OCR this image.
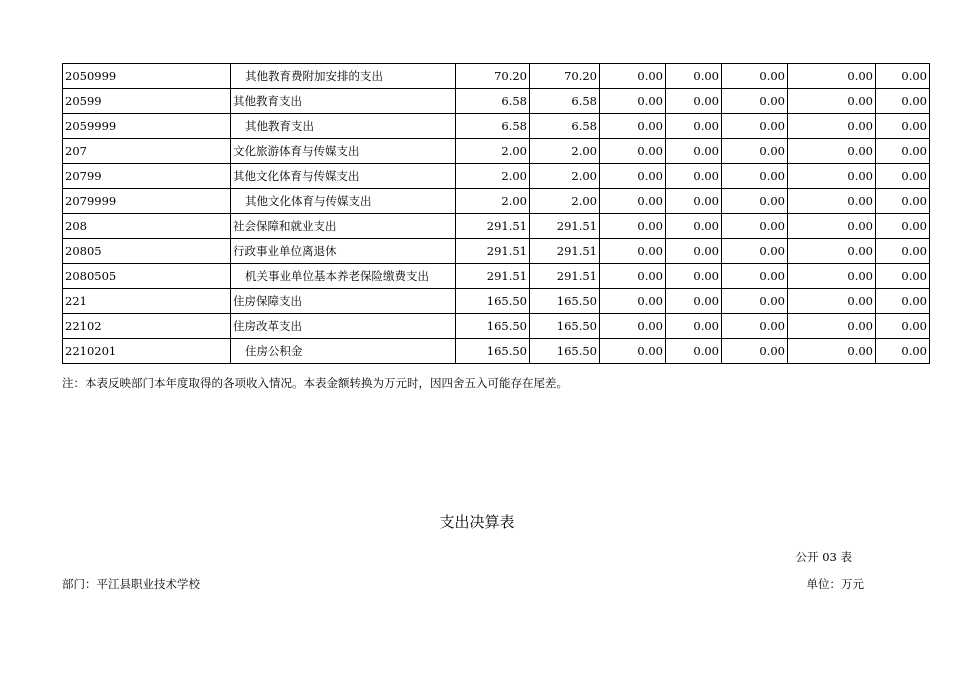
2050999	其他教育费附加安排的支出	70.20	70.20	0.00	0.00	0.00	0.00	0.00
20599	其他教育支出	6.58	6.58	0.00	0.00	0.00	0.00	0.00
2059999	其他教育支出	6.58	6.58	0.00	0.00	0.00	0.00	0.00
207	文化旅游体育与传媒支出	2.00	2.00	0.00	0.00	0.00	0.00	0.00
20799	其他文化体育与传媒支出	2.00	2.00	0.00	0.00	0.00	0.00	0.00
2079999	其他文化体育与传媒支出	2.00	2.00	0.00	0.00	0.00	0.00	0.00
208	社会保障和就业支出	291.51	291.51	0.00	0.00	0.00	0.00	0.00
20805	行政事业单位离退休	291.51	291.51	0.00	0.00	0.00	0.00	0.00
2080505	机关事业单位基本养老保险缴费支出	291.51	291.51	0.00	0.00	0.00	0.00	0.00
221	住房保障支出	165.50	165.50	0.00	0.00	0.00	0.00	0.00
22102	住房改革支出	165.50	165.50	0.00	0.00	0.00	0.00	0.00
2210201	住房公积金	165.50	165.50	0.00	0.00	0.00	0.00	0.00
注：本表反映部门本年度取得的各项收入情况。本表金额转换为万元时，因四舍五入可能存在尾差。
支出决算表
公开 03 表
部门：平江县职业技术学校	单位：万元
